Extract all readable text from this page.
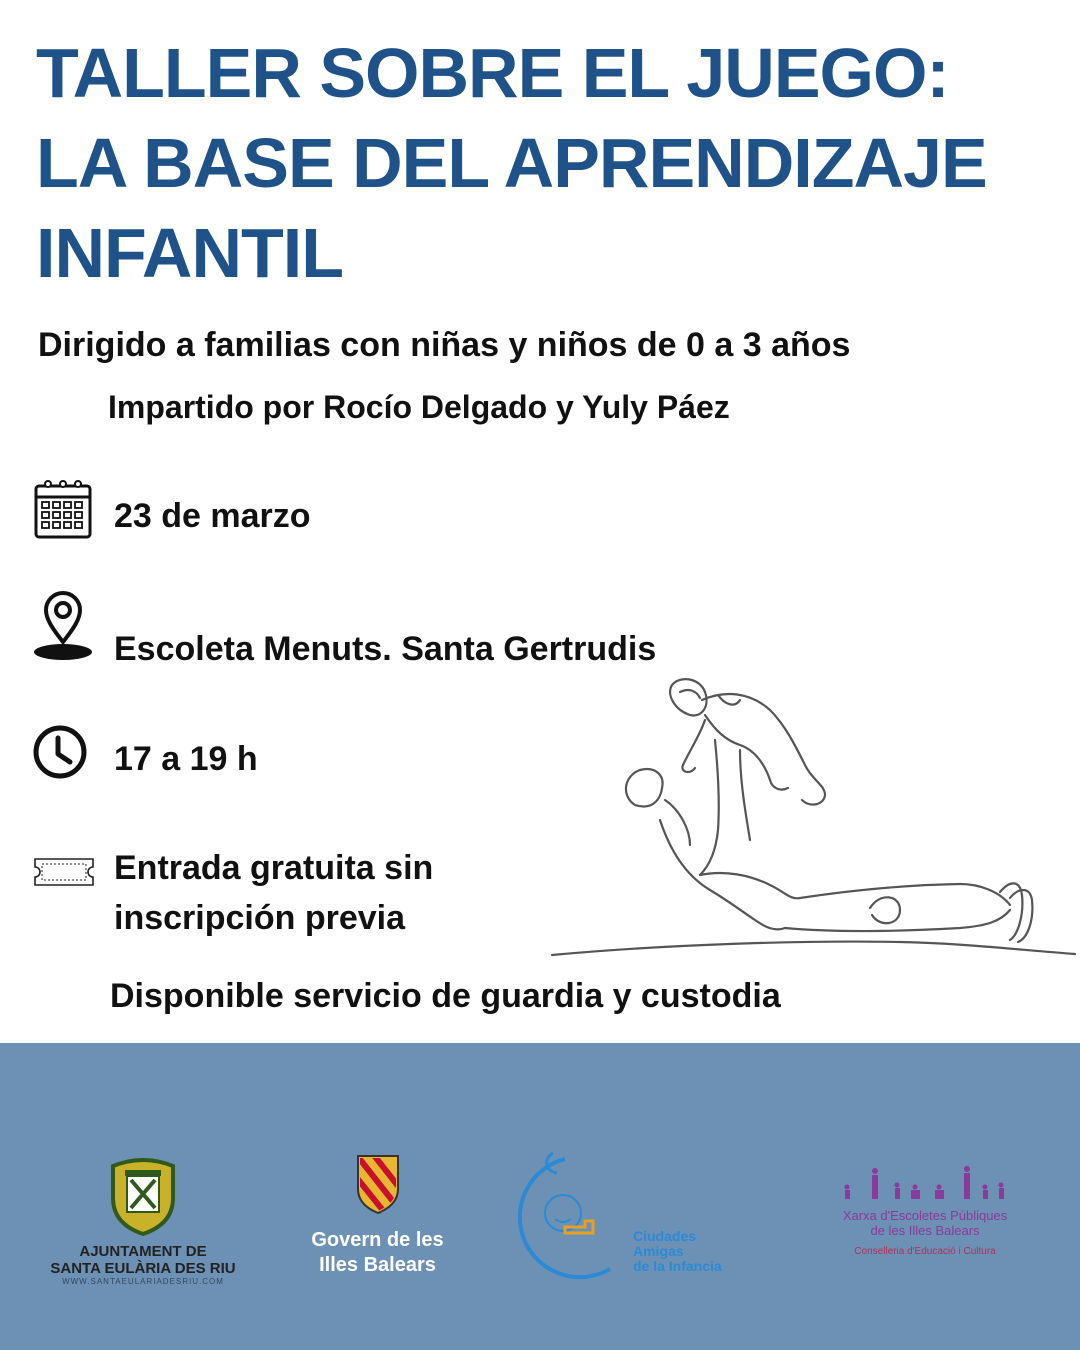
TALLER SOBRE EL JUEGO:
LA BASE DEL APRENDIZAJE
INFANTIL
Dirigido a familias con niñas y niños de 0 a 3 años
Impartido por Rocío Delgado y Yuly Páez
23 de marzo
Escoleta Menuts. Santa Gertrudis
17 a 19 h
Entrada gratuita sin
inscripción previa
Disponible servicio de guardia y custodia
AJUNTAMENT DE
SANTA EULÀRIA DES RIU
WWW.SANTAEULARIADESRIU.COM
Govern de les
Illes Balears
Ciudades
Amigas
de la Infancia
Xarxa d'Escoletes Públiques
de les Illes Balears
Conselleria d'Educació i Cultura
